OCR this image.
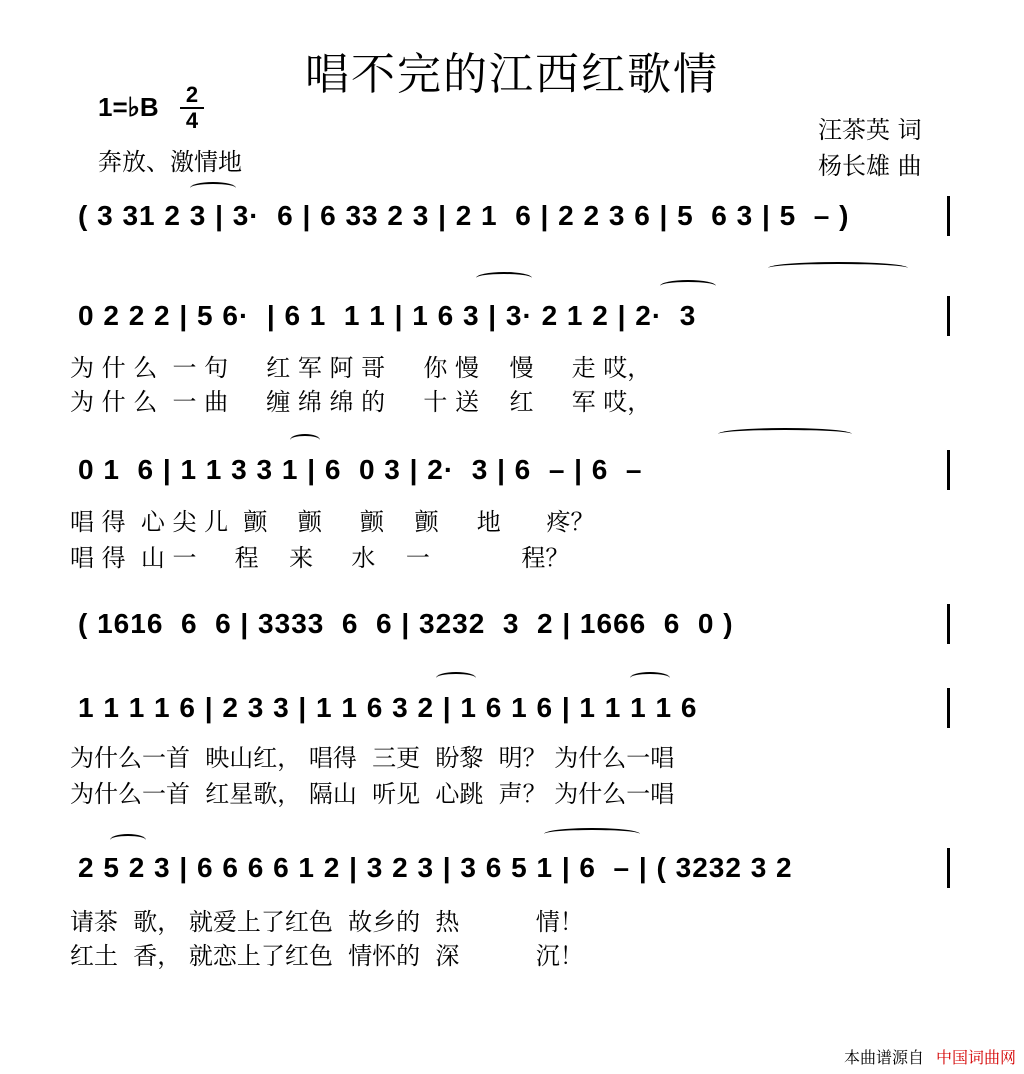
唱不完的江西红歌情
1=♭B 2
4
奔放、激情地
汪茶英 词
杨长雄 曲
( 3 31 2 3 | 3·  6 | 6 33 2 3 | 2 1  6 | 2 2 3 6 | 5  6 3 | 5  – )
0 2 2 2 | 5 6·  | 6 1  1 1 | 1 6 3 | 3· 2 1 2 | 2·  3
为 什 么  一 句     红 军 阿 哥     你 慢    慢     走 哎，
为 什 么  一 曲     缠 绵 绵 的     十 送    红     军 哎，
0 1  6 | 1 1 3 3 1 | 6  0 3 | 2·  3 | 6  – | 6  –
唱 得  心 尖 儿  颤    颤     颤    颤     地      疼？
唱 得  山 一     程    来     水    一            程？
( 1616  6  6 | 3333  6  6 | 3232  3  2 | 1666  6  0 )
1 1 1 1 6 | 2 3 3 | 1 1 6 3 2 | 1 6 1 6 | 1 1 1 1 6
为什么一首  映山红， 唱得  三更  盼黎  明？ 为什么一唱
为什么一首  红星歌， 隔山  听见  心跳  声？ 为什么一唱
2 5 2 3 | 6 6 6 6 1 2 | 3 2 3 | 3 6 5 1 | 6  – | ( 3232 3 2
请茶  歌， 就爱上了红色  故乡的  热          情！
红土  香， 就恋上了红色  情怀的  深          沉！
本曲谱源自 中国词曲网
